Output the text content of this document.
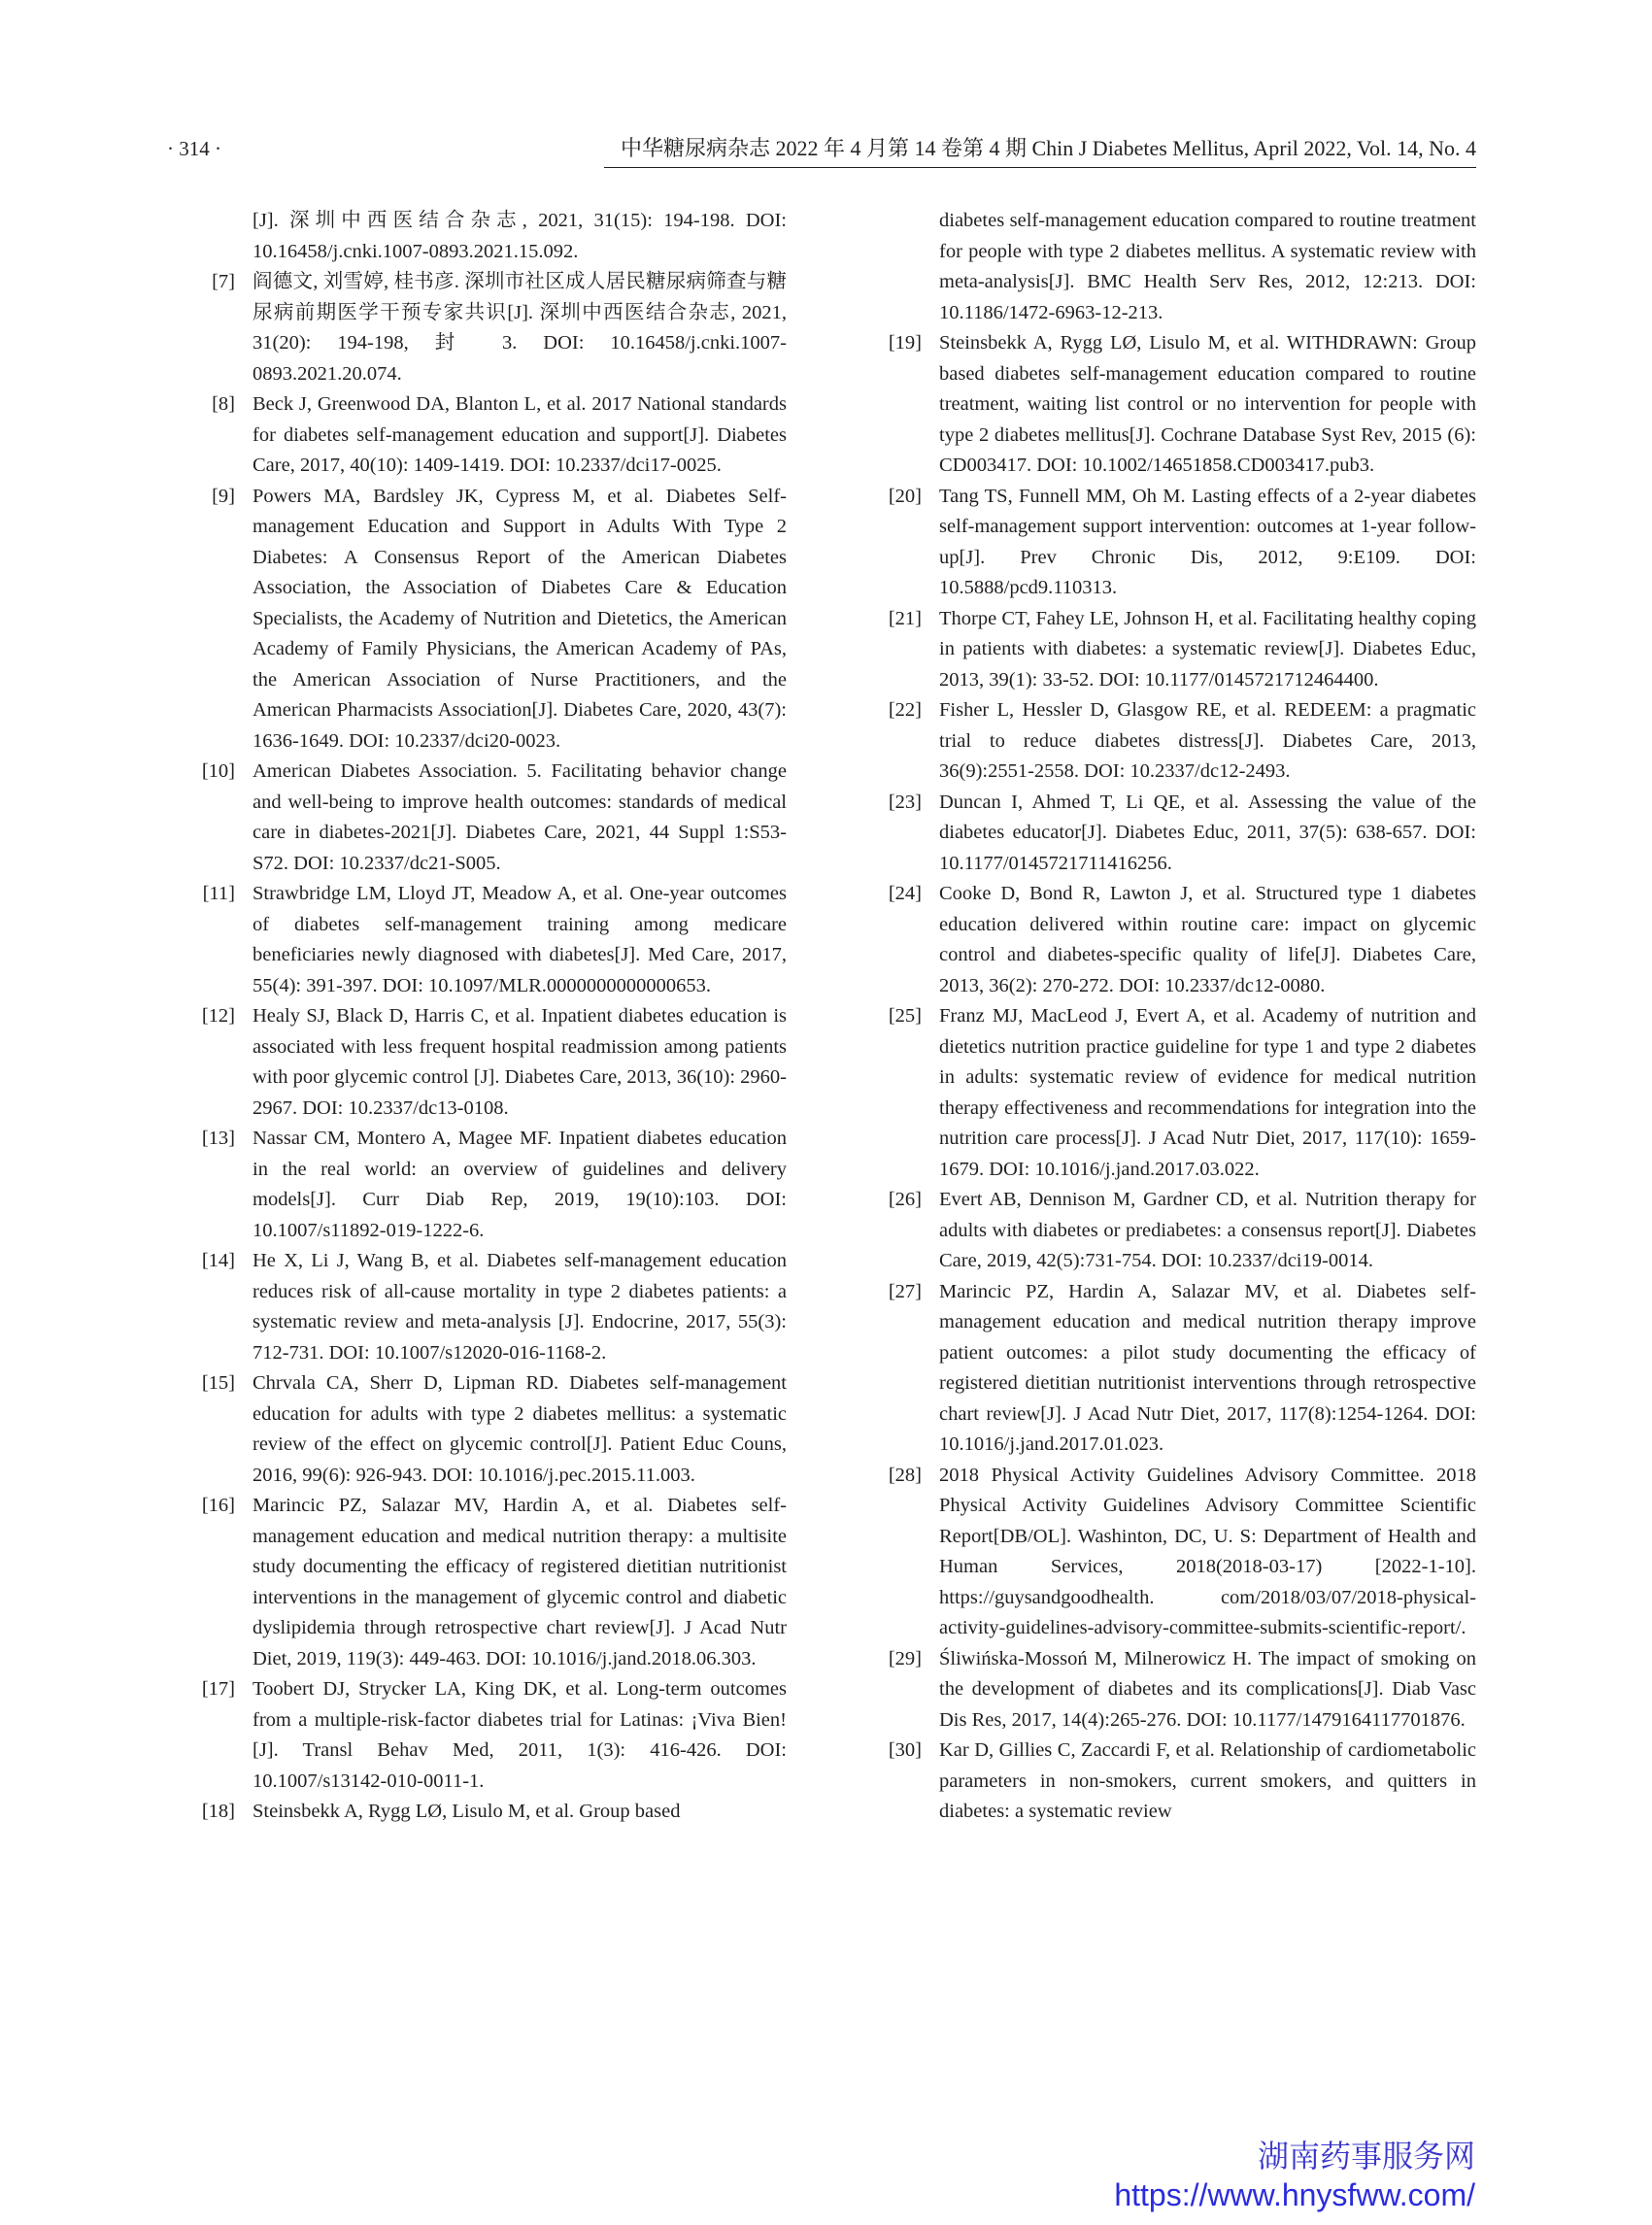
· 314 ·	中华糖尿病杂志 2022 年 4 月第 14 卷第 4 期 Chin J Diabetes Mellitus, April 2022, Vol. 14, No. 4
[J]. 深圳中西医结合杂志, 2021, 31(15): 194-198. DOI: 10.16458/j.cnki.1007-0893.2021.15.092.
[7] 阎德文, 刘雪婷, 桂书彦. 深圳市社区成人居民糖尿病筛查与糖尿病前期医学干预专家共识[J]. 深圳中西医结合杂志, 2021, 31(20): 194-198, 封 3. DOI: 10.16458/j.cnki.1007-0893.2021.20.074.
[8] Beck J, Greenwood DA, Blanton L, et al. 2017 National standards for diabetes self-management education and support[J]. Diabetes Care, 2017, 40(10): 1409-1419. DOI: 10.2337/dci17-0025.
[9] Powers MA, Bardsley JK, Cypress M, et al. Diabetes Self-management Education and Support in Adults With Type 2 Diabetes: A Consensus Report of the American Diabetes Association, the Association of Diabetes Care & Education Specialists, the Academy of Nutrition and Dietetics, the American Academy of Family Physicians, the American Academy of PAs, the American Association of Nurse Practitioners, and the American Pharmacists Association[J]. Diabetes Care, 2020, 43(7): 1636-1649. DOI: 10.2337/dci20-0023.
[10] American Diabetes Association. 5. Facilitating behavior change and well-being to improve health outcomes: standards of medical care in diabetes-2021[J]. Diabetes Care, 2021, 44 Suppl 1:S53-S72. DOI: 10.2337/dc21-S005.
[11] Strawbridge LM, Lloyd JT, Meadow A, et al. One-year outcomes of diabetes self-management training among medicare beneficiaries newly diagnosed with diabetes[J]. Med Care, 2017, 55(4): 391-397. DOI: 10.1097/MLR.0000000000000653.
[12] Healy SJ, Black D, Harris C, et al. Inpatient diabetes education is associated with less frequent hospital readmission among patients with poor glycemic control [J]. Diabetes Care, 2013, 36(10): 2960-2967. DOI: 10.2337/dc13-0108.
[13] Nassar CM, Montero A, Magee MF. Inpatient diabetes education in the real world: an overview of guidelines and delivery models[J]. Curr Diab Rep, 2019, 19(10):103. DOI: 10.1007/s11892-019-1222-6.
[14] He X, Li J, Wang B, et al. Diabetes self-management education reduces risk of all-cause mortality in type 2 diabetes patients: a systematic review and meta-analysis [J]. Endocrine, 2017, 55(3): 712-731. DOI: 10.1007/s12020-016-1168-2.
[15] Chrvala CA, Sherr D, Lipman RD. Diabetes self-management education for adults with type 2 diabetes mellitus: a systematic review of the effect on glycemic control[J]. Patient Educ Couns, 2016, 99(6): 926-943. DOI: 10.1016/j.pec.2015.11.003.
[16] Marincic PZ, Salazar MV, Hardin A, et al. Diabetes self-management education and medical nutrition therapy: a multisite study documenting the efficacy of registered dietitian nutritionist interventions in the management of glycemic control and diabetic dyslipidemia through retrospective chart review[J]. J Acad Nutr Diet, 2019, 119(3): 449-463. DOI: 10.1016/j.jand.2018.06.303.
[17] Toobert DJ, Strycker LA, King DK, et al. Long-term outcomes from a multiple-risk-factor diabetes trial for Latinas: ¡Viva Bien! [J]. Transl Behav Med, 2011, 1(3): 416-426. DOI: 10.1007/s13142-010-0011-1.
[18] Steinsbekk A, Rygg LØ, Lisulo M, et al. Group based
diabetes self-management education compared to routine treatment for people with type 2 diabetes mellitus. A systematic review with meta-analysis[J]. BMC Health Serv Res, 2012, 12:213. DOI: 10.1186/1472-6963-12-213.
[19] Steinsbekk A, Rygg LØ, Lisulo M, et al. WITHDRAWN: Group based diabetes self-management education compared to routine treatment, waiting list control or no intervention for people with type 2 diabetes mellitus[J]. Cochrane Database Syst Rev, 2015 (6): CD003417. DOI: 10.1002/14651858.CD003417.pub3.
[20] Tang TS, Funnell MM, Oh M. Lasting effects of a 2-year diabetes self-management support intervention: outcomes at 1-year follow-up[J]. Prev Chronic Dis, 2012, 9:E109. DOI: 10.5888/pcd9.110313.
[21] Thorpe CT, Fahey LE, Johnson H, et al. Facilitating healthy coping in patients with diabetes: a systematic review[J]. Diabetes Educ, 2013, 39(1): 33-52. DOI: 10.1177/0145721712464400.
[22] Fisher L, Hessler D, Glasgow RE, et al. REDEEM: a pragmatic trial to reduce diabetes distress[J]. Diabetes Care, 2013, 36(9):2551-2558. DOI: 10.2337/dc12-2493.
[23] Duncan I, Ahmed T, Li QE, et al. Assessing the value of the diabetes educator[J]. Diabetes Educ, 2011, 37(5): 638-657. DOI: 10.1177/0145721711416256.
[24] Cooke D, Bond R, Lawton J, et al. Structured type 1 diabetes education delivered within routine care: impact on glycemic control and diabetes-specific quality of life[J]. Diabetes Care, 2013, 36(2): 270-272. DOI: 10.2337/dc12-0080.
[25] Franz MJ, MacLeod J, Evert A, et al. Academy of nutrition and dietetics nutrition practice guideline for type 1 and type 2 diabetes in adults: systematic review of evidence for medical nutrition therapy effectiveness and recommendations for integration into the nutrition care process[J]. J Acad Nutr Diet, 2017, 117(10): 1659-1679. DOI: 10.1016/j.jand.2017.03.022.
[26] Evert AB, Dennison M, Gardner CD, et al. Nutrition therapy for adults with diabetes or prediabetes: a consensus report[J]. Diabetes Care, 2019, 42(5):731-754. DOI: 10.2337/dci19-0014.
[27] Marincic PZ, Hardin A, Salazar MV, et al. Diabetes self-management education and medical nutrition therapy improve patient outcomes: a pilot study documenting the efficacy of registered dietitian nutritionist interventions through retrospective chart review[J]. J Acad Nutr Diet, 2017, 117(8):1254-1264. DOI: 10.1016/j.jand.2017.01.023.
[28] 2018 Physical Activity Guidelines Advisory Committee. 2018 Physical Activity Guidelines Advisory Committee Scientific Report[DB/OL]. Washinton, DC, U. S: Department of Health and Human Services, 2018(2018-03-17) [2022-1-10]. https://guysandgoodhealth. com/2018/03/07/2018-physical-activity-guidelines-advisory-committee-submits-scientific-report/.
[29] Śliwińska-Mossoń M, Milnerowicz H. The impact of smoking on the development of diabetes and its complications[J]. Diab Vasc Dis Res, 2017, 14(4):265-276. DOI: 10.1177/1479164117701876.
[30] Kar D, Gillies C, Zaccardi F, et al. Relationship of cardiometabolic parameters in non-smokers, current smokers, and quitters in diabetes: a systematic review
湖南药事服务网
https://www.hnysfww.com/
